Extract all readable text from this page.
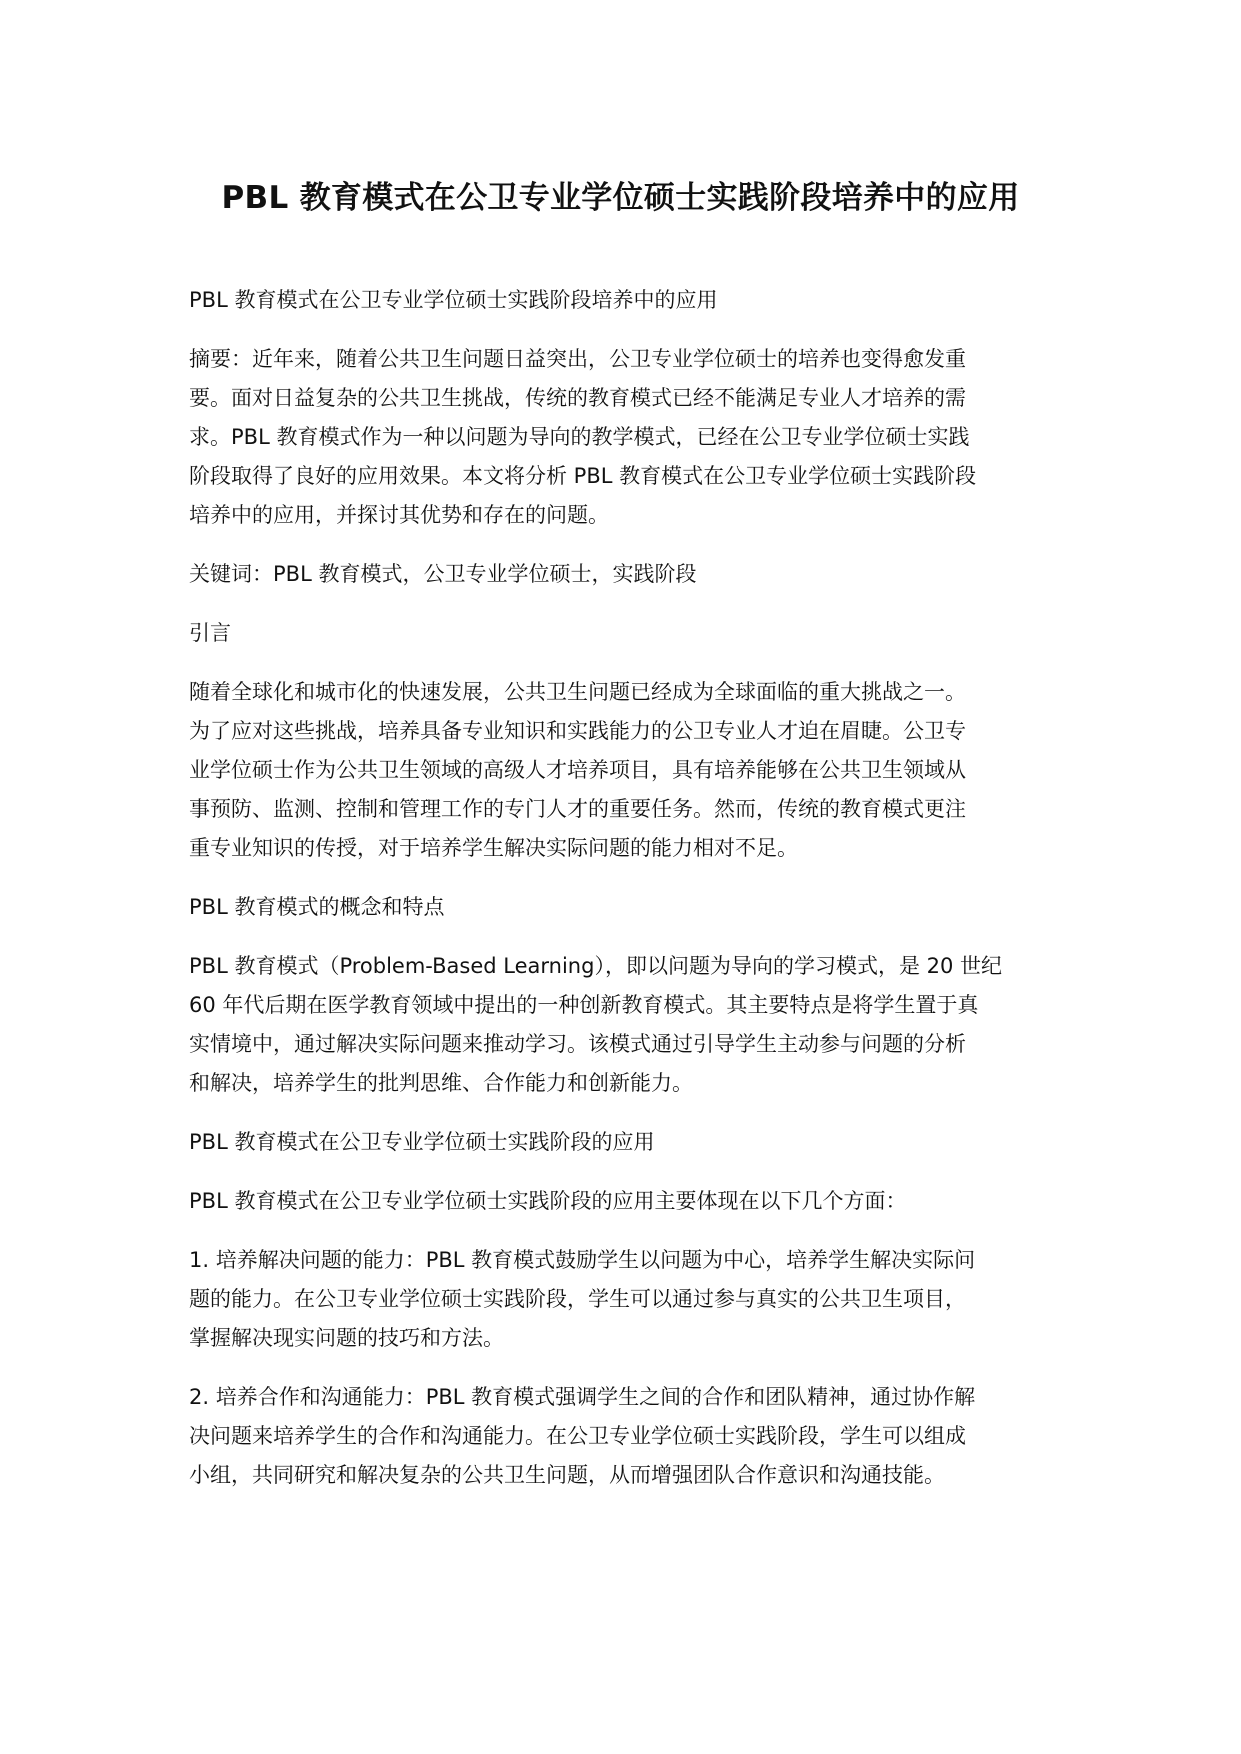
PBL 教育模式在公卫专业学位硕士实践阶段培养中的应用

PBL 教育模式在公卫专业学位硕士实践阶段培养中的应用

摘要：近年来，随着公共卫生问题日益突出，公卫专业学位硕士的培养也变得愈发重
要。面对日益复杂的公共卫生挑战，传统的教育模式已经不能满足专业人才培养的需
求。PBL 教育模式作为一种以问题为导向的教学模式，已经在公卫专业学位硕士实践
阶段取得了良好的应用效果。本文将分析 PBL 教育模式在公卫专业学位硕士实践阶段
培养中的应用，并探讨其优势和存在的问题。

关键词：PBL 教育模式，公卫专业学位硕士，实践阶段

引言

随着全球化和城市化的快速发展，公共卫生问题已经成为全球面临的重大挑战之一。
为了应对这些挑战，培养具备专业知识和实践能力的公卫专业人才迫在眉睫。公卫专
业学位硕士作为公共卫生领域的高级人才培养项目，具有培养能够在公共卫生领域从
事预防、监测、控制和管理工作的专门人才的重要任务。然而，传统的教育模式更注
重专业知识的传授，对于培养学生解决实际问题的能力相对不足。

PBL 教育模式的概念和特点

PBL 教育模式（Problem-Based Learning），即以问题为导向的学习模式，是 20 世纪
60 年代后期在医学教育领域中提出的一种创新教育模式。其主要特点是将学生置于真
实情境中，通过解决实际问题来推动学习。该模式通过引导学生主动参与问题的分析
和解决，培养学生的批判思维、合作能力和创新能力。

PBL 教育模式在公卫专业学位硕士实践阶段的应用

PBL 教育模式在公卫专业学位硕士实践阶段的应用主要体现在以下几个方面：

1. 培养解决问题的能力：PBL 教育模式鼓励学生以问题为中心，培养学生解决实际问
题的能力。在公卫专业学位硕士实践阶段，学生可以通过参与真实的公共卫生项目，
掌握解决现实问题的技巧和方法。

2. 培养合作和沟通能力：PBL 教育模式强调学生之间的合作和团队精神，通过协作解
决问题来培养学生的合作和沟通能力。在公卫专业学位硕士实践阶段，学生可以组成
小组，共同研究和解决复杂的公共卫生问题，从而增强团队合作意识和沟通技能。
